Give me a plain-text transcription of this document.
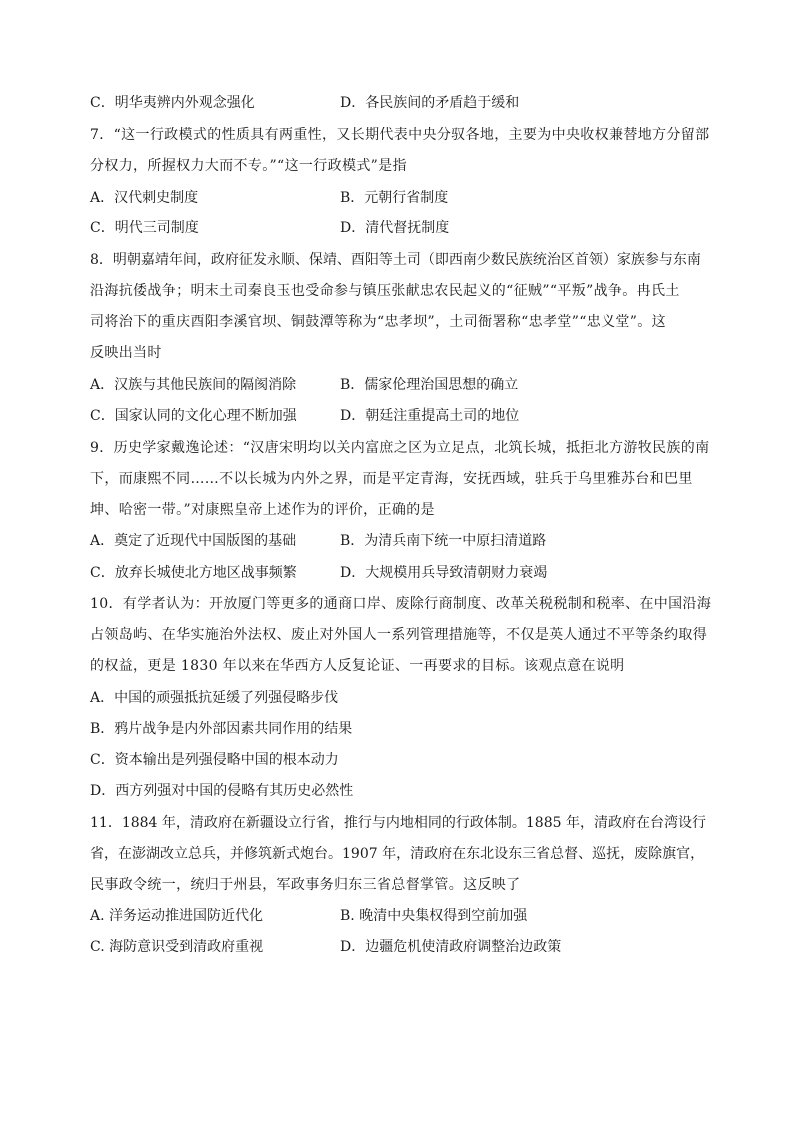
C．明华夷辨内外观念强化	D．各民族间的矛盾趋于缓和
7．“这一行政模式的性质具有两重性，又长期代表中央分驭各地，主要为中央收权兼替地方分留部
分权力，所握权力大而不专。”“这一行政模式”是指
A．汉代刺史制度	B．元朝行省制度
C．明代三司制度	D．清代督抚制度
8．明朝嘉靖年间，政府征发永顺、保靖、酉阳等土司（即西南少数民族统治区首领）家族参与东南
沿海抗倭战争；明末土司秦良玉也受命参与镇压张献忠农民起义的“征贼”“平叛”战争。冉氏土
司将治下的重庆酉阳李溪官坝、铜鼓潭等称为“忠孝坝”，土司衙署称“忠孝堂”“忠义堂”。这
反映出当时
A．汉族与其他民族间的隔阂消除	B．儒家伦理治国思想的确立
C．国家认同的文化心理不断加强	D．朝廷注重提高土司的地位
9．历史学家戴逸论述：“汉唐宋明均以关内富庶之区为立足点，北筑长城，抵拒北方游牧民族的南
下，而康熙不同……不以长城为内外之界，而是平定青海，安抚西域，驻兵于乌里雅苏台和巴里
坤、哈密一带。”对康熙皇帝上述作为的评价，正确的是
A．奠定了近现代中国版图的基础	B．为清兵南下统一中原扫清道路
C．放弃长城使北方地区战事频繁	D．大规模用兵导致清朝财力衰竭
10．有学者认为：开放厦门等更多的通商口岸、废除行商制度、改革关税税制和税率、在中国沿海
占领岛屿、在华实施治外法权、废止对外国人一系列管理措施等，不仅是英人通过不平等条约取得
的权益，更是 1830 年以来在华西方人反复论证、一再要求的目标。该观点意在说明
A．中国的顽强抵抗延缓了列强侵略步伐
B．鸦片战争是内外部因素共同作用的结果
C．资本输出是列强侵略中国的根本动力
D．西方列强对中国的侵略有其历史必然性
11．1884 年，清政府在新疆设立行省，推行与内地相同的行政体制。1885 年，清政府在台湾设行
省，在澎湖改立总兵，并修筑新式炮台。1907 年，清政府在东北设东三省总督、巡抚，废除旗官，
民事政令统一，统归于州县，军政事务归东三省总督掌管。这反映了
A. 洋务运动推进国防近代化	B. 晚清中央集权得到空前加强
C. 海防意识受到清政府重视	D．边疆危机使清政府调整治边政策
